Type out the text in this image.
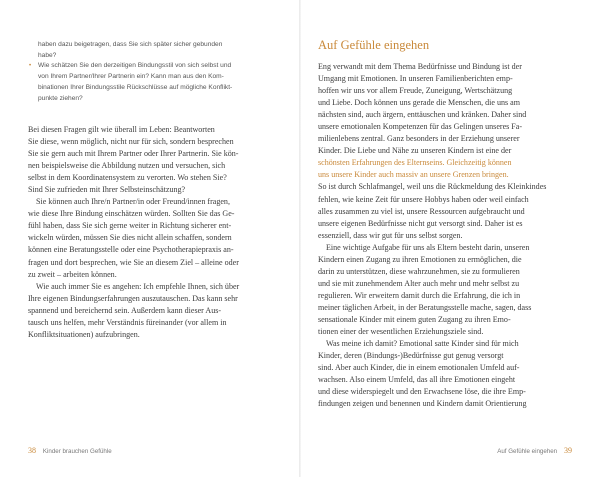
haben dazu beigetragen, dass Sie sich später sicher gebunden
habe?
• Wie schätzen Sie den derzeitigen Bindungsstil von sich selbst und
von Ihrem Partner/Ihrer Partnerin ein? Kann man aus den Kom-
binationen Ihrer Bindungsstile Rückschlüsse auf mögliche Konflikt-
punkte ziehen?
Bei diesen Fragen gilt wie überall im Leben: Beantworten
Sie diese, wenn möglich, nicht nur für sich, sondern besprechen
Sie sie gern auch mit Ihrem Partner oder Ihrer Partnerin. Sie kön-
nen beispielsweise die Abbildung nutzen und versuchen, sich
selbst in dem Koordinatensystem zu verorten. Wo stehen Sie?
Sind Sie zufrieden mit Ihrer Selbsteinschätzung?
Sie können auch Ihre/n Partner/in oder Freund/innen fragen,
wie diese Ihre Bindung einschätzen würden. Sollten Sie das Ge-
fühl haben, dass Sie sich gerne weiter in Richtung sicherer ent-
wickeln würden, müssen Sie dies nicht allein schaffen, sondern
können eine Beratungsstelle oder eine Psychotherapiepraxis an-
fragen und dort besprechen, wie Sie an diesem Ziel – alleine oder
zu zweit – arbeiten können.
Wie auch immer Sie es angehen: Ich empfehle Ihnen, sich über
Ihre eigenen Bindungserfahrungen auszutauschen. Das kann sehr
spannend und bereichernd sein. Außerdem kann dieser Aus-
tausch uns helfen, mehr Verständnis füreinander (vor allem in
Konfliktsituationen) aufzubringen.
38 Kinder brauchen Gefühle
Auf Gefühle eingehen
Eng verwandt mit dem Thema Bedürfnisse und Bindung ist der
Umgang mit Emotionen. In unseren Familienberichten emp-
hoffen wir uns vor allem Freude, Zuneigung, Wertschätzung
und Liebe. Doch können uns gerade die Menschen, die uns am
nächsten sind, auch ärgern, enttäuschen und kränken. Daher sind
unsere emotionalen Kompetenzen für das Gelingen unseres Fa-
milienlebens zentral. Ganz besonders in der Erziehung unserer
Kinder. Die Liebe und Nähe zu unseren Kindern ist eine der
schönsten Erfahrungen des Elternseins. Gleichzeitig können
uns unsere Kinder auch massiv an unsere Grenzen bringen.
So ist durch Schlafmangel, weil uns die Rückmeldung des Kleinkindes
fehlen, wie keine Zeit für unsere Hobbys haben oder weil einfach
alles zusammen zu viel ist, unsere Ressourcen aufgebraucht und
unsere eigenen Bedürfnisse nicht gut versorgt sind. Daher ist es
essenziell, dass wir gut für uns selbst sorgen.
Eine wichtige Aufgabe für uns als Eltern besteht darin, unseren
Kindern einen Zugang zu ihren Emotionen zu ermöglichen, die
darin zu unterstützen, diese wahrzunehmen, sie zu formulieren
und sie mit zunehmendem Alter auch mehr und mehr selbst zu
regulieren. Wir erweitern damit durch die Erfahrung, die ich in
meiner täglichen Arbeit, in der Beratungsstelle mache, sagen, dass
sensationale Kinder mit einem guten Zugang zu ihren Emo-
tionen einer der wesentlichen Erziehungsziele sind.
Was meine ich damit? Emotional satte Kinder sind für mich
Kinder, deren (Bindungs-)Bedürfnisse gut genug versorgt
sind. Aber auch Kinder, die in einem emotionalen Umfeld auf-
wachsen. Also einem Umfeld, das all ihre Emotionen eingeht
und diese widerspiegelt und den Erwachsene löse, die ihre Emp-
findungen zeigen und benennen und Kindern damit Orientierung
Auf Gefühle eingehen 39
